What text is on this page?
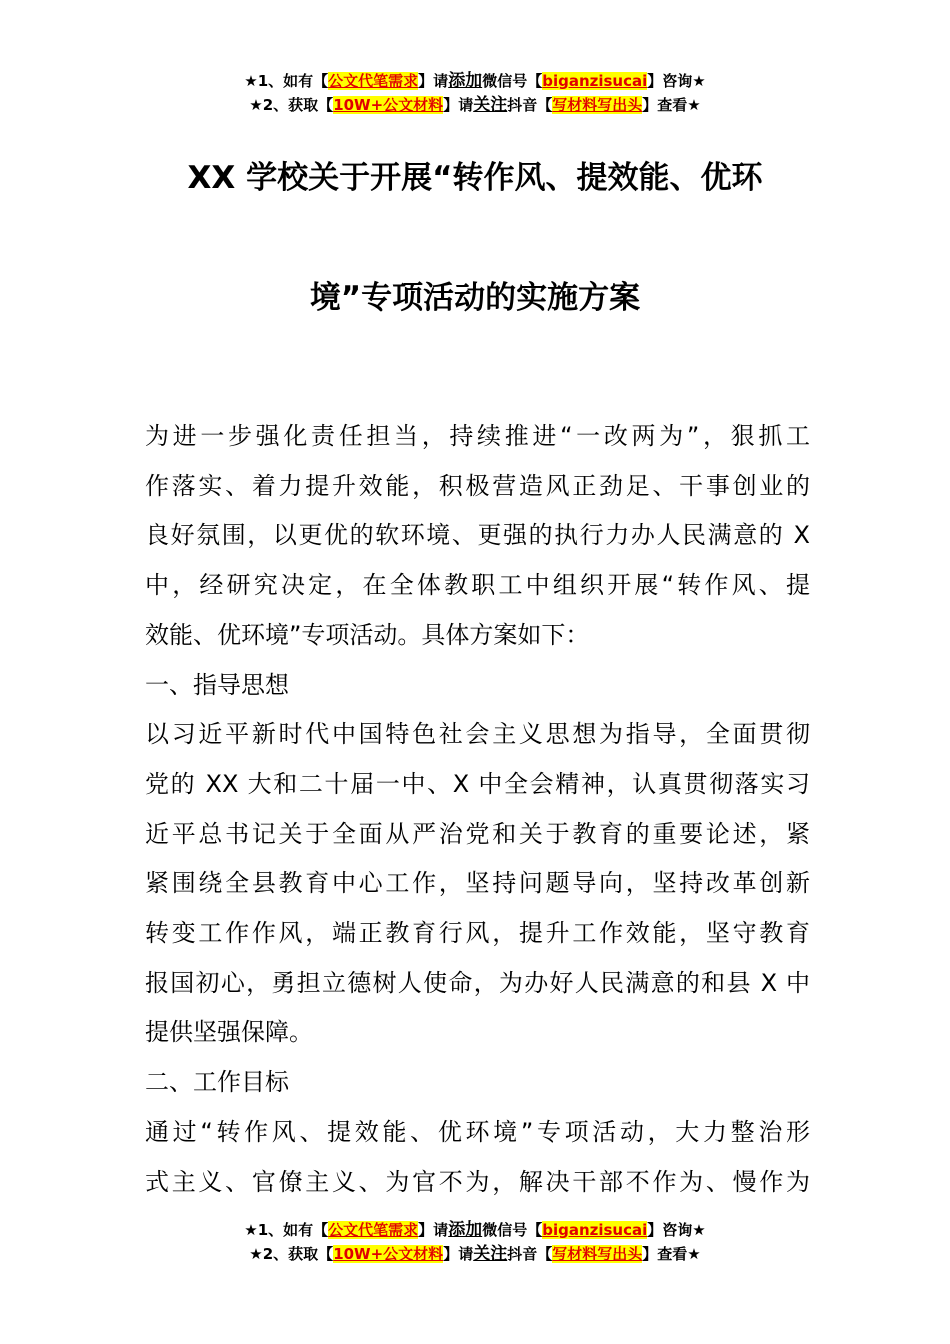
★1、如有【公文代笔需求】请添加微信号【biganzisucai】咨询★
★2、获取【10W+公文材料】请关注抖音【写材料写出头】查看★
XX 学校关于开展“转作风、提效能、优环
境”专项活动的实施方案
为进一步强化责任担当，持续推进“一改两为”，狠抓工
作落实、着力提升效能，积极营造风正劲足、干事创业的
良好氛围，以更优的软环境、更强的执行力办人民满意的 X
中，经研究决定，在全体教职工中组织开展“转作风、提
效能、优环境”专项活动。具体方案如下：
一、指导思想
以习近平新时代中国特色社会主义思想为指导，全面贯彻
党的 XX 大和二十届一中、X 中全会精神，认真贯彻落实习
近平总书记关于全面从严治党和关于教育的重要论述，紧
紧围绕全县教育中心工作，坚持问题导向，坚持改革创新
转变工作作风，端正教育行风，提升工作效能，坚守教育
报国初心，勇担立德树人使命，为办好人民满意的和县 X 中
提供坚强保障。
二、工作目标
通过“转作风、提效能、优环境”专项活动，大力整治形
式主义、官僚主义、为官不为，解决干部不作为、慢作为
★1、如有【公文代笔需求】请添加微信号【biganzisucai】咨询★
★2、获取【10W+公文材料】请关注抖音【写材料写出头】查看★
